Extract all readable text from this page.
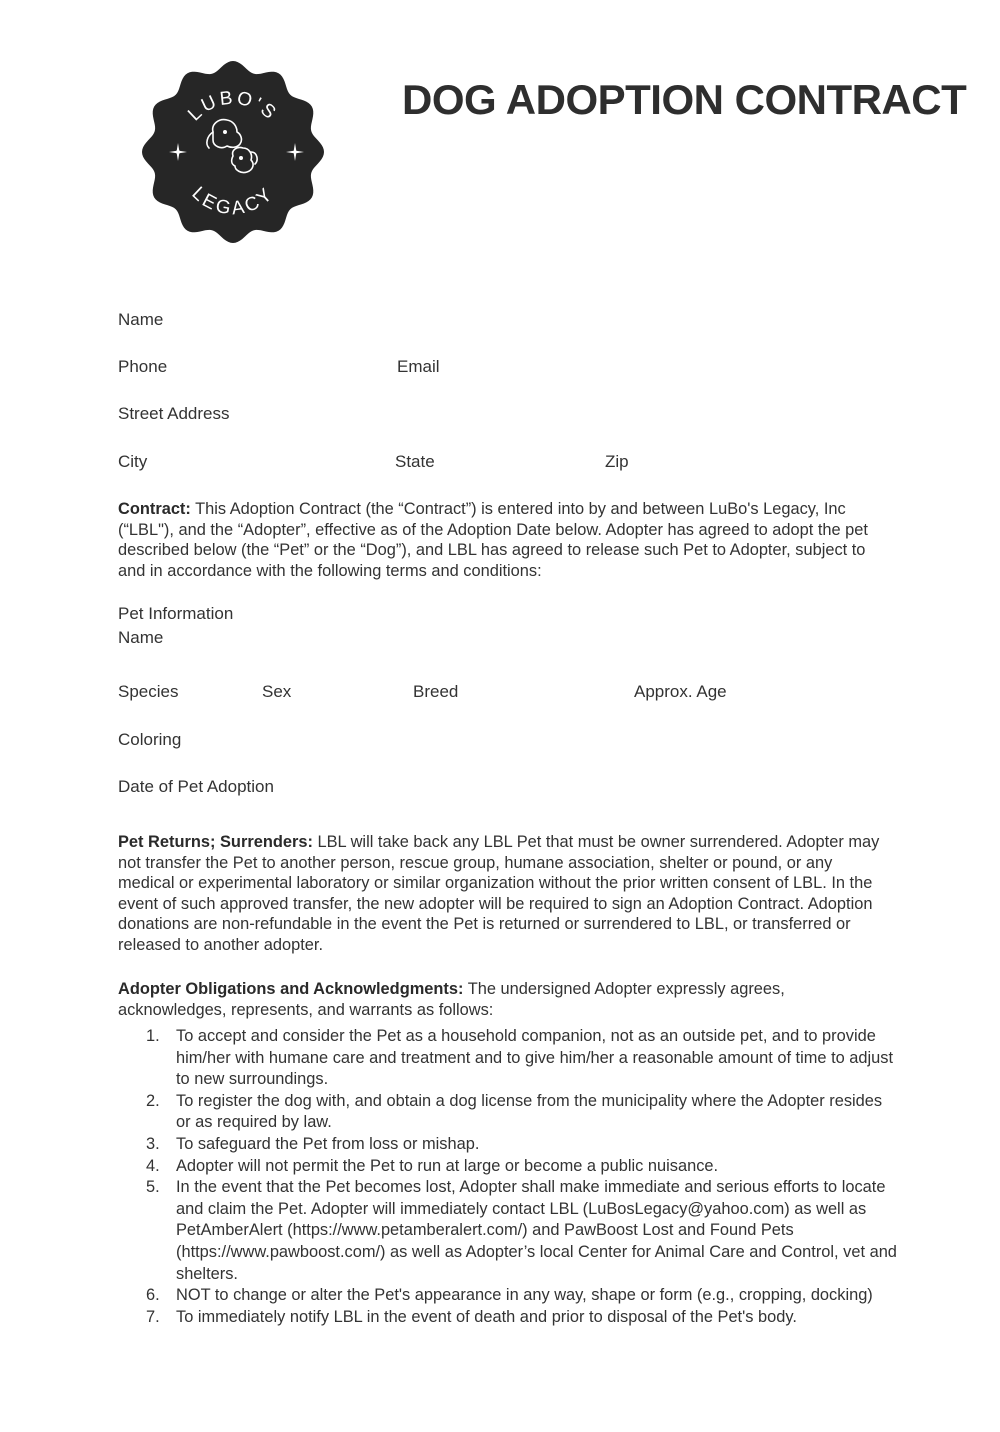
LUBO'S
LEGACY
DOG ADOPTION CONTRACT
Name
Phone	Email
Street Address
City	State	Zip

Contract: This Adoption Contract (the “Contract”) is entered into by and between LuBo's Legacy, Inc (“LBL"), and the “Adopter”, effective as of the Adoption Date below. Adopter has agreed to adopt the pet described below (the “Pet” or the “Dog”), and LBL has agreed to release such Pet to Adopter, subject to and in accordance with the following terms and conditions:

Pet Information
Name
Species	Sex	Breed	Approx. Age
Coloring
Date of Pet Adoption

Pet Returns; Surrenders: LBL will take back any LBL Pet that must be owner surrendered. Adopter may not transfer the Pet to another person, rescue group, humane association, shelter or pound, or any medical or experimental laboratory or similar organization without the prior written consent of LBL. In the event of such approved transfer, the new adopter will be required to sign an Adoption Contract. Adoption donations are non-refundable in the event the Pet is returned or surrendered to LBL, or transferred or released to another adopter.

Adopter Obligations and Acknowledgments: The undersigned Adopter expressly agrees, acknowledges, represents, and warrants as follows:

1. To accept and consider the Pet as a household companion, not as an outside pet, and to provide him/her with humane care and treatment and to give him/her a reasonable amount of time to adjust to new surroundings.
2. To register the dog with, and obtain a dog license from the municipality where the Adopter resides or as required by law.
3. To safeguard the Pet from loss or mishap.
4. Adopter will not permit the Pet to run at large or become a public nuisance.
5. In the event that the Pet becomes lost, Adopter shall make immediate and serious efforts to locate and claim the Pet. Adopter will immediately contact LBL (LuBosLegacy@yahoo.com) as well as PetAmberAlert (https://www.petamberalert.com/) and PawBoost Lost and Found Pets (https://www.pawboost.com/) as well as Adopter’s local Center for Animal Care and Control, vet and shelters.
6. NOT to change or alter the Pet's appearance in any way, shape or form (e.g., cropping, docking)
7. To immediately notify LBL in the event of death and prior to disposal of the Pet's body.
